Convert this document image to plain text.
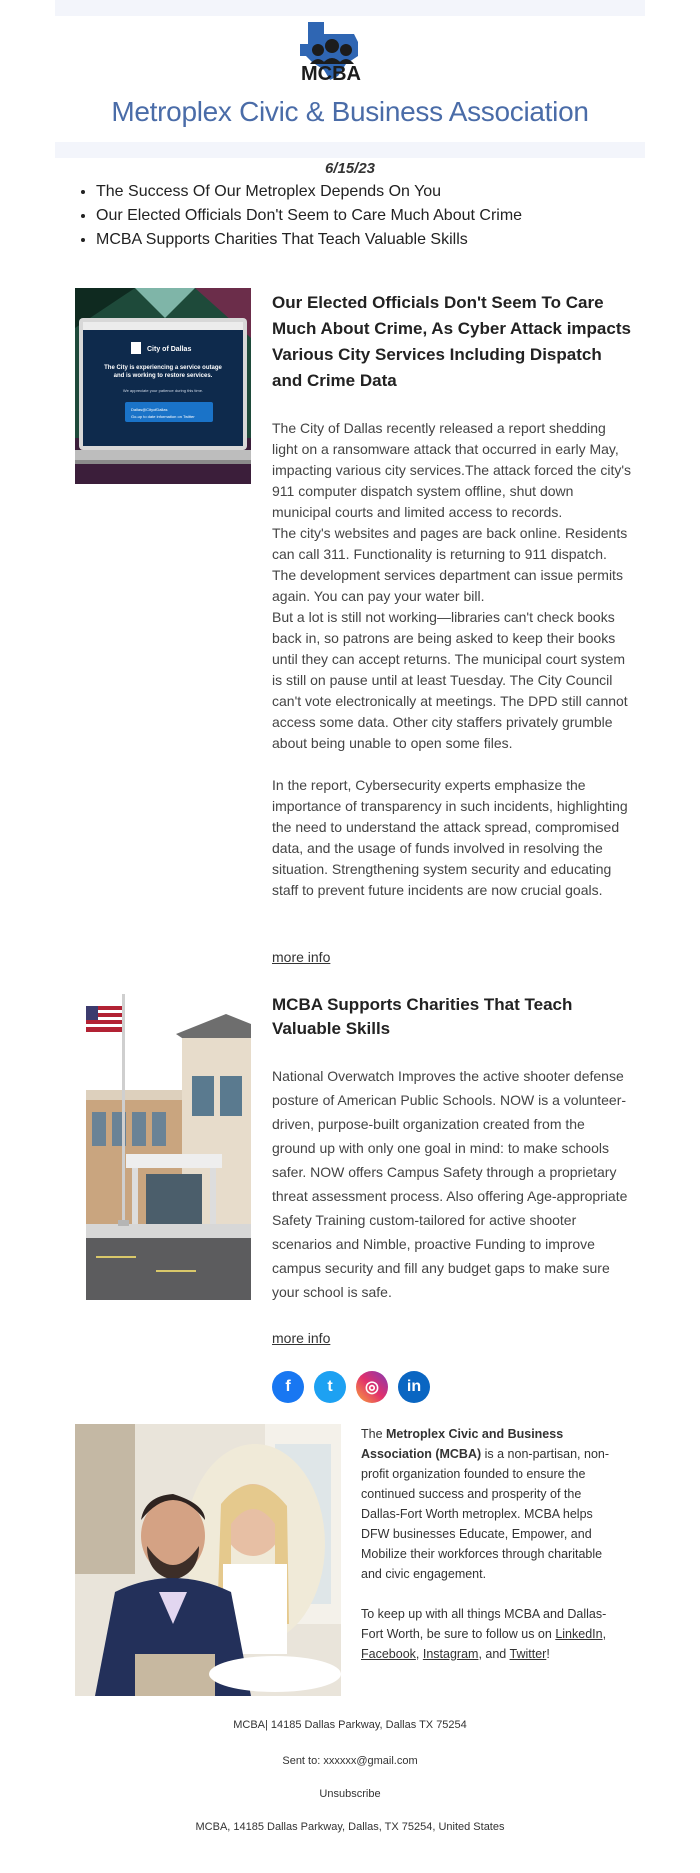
MCBA
Metroplex Civic & Business Association
6/15/23
• The Success Of Our Metroplex Depends On You
• Our Elected Officials Don't Seem to Care Much About Crime
• MCBA Supports Charities That Teach Valuable Skills
City of Dallas
The City is experiencing a service outage and is working to restore services.
We appreciate your patience during this time.
Dallas@CityofDallas
Go-up to date information on Twitter
Our Elected Officials Don't Seem To Care Much About Crime, As Cyber Attack impacts Various City Services Including Dispatch and Crime Data

The City of Dallas recently released a report shedding light on a ransomware attack that occurred in early May, impacting various city services.The attack forced the city's 911 computer dispatch system offline, shut down municipal courts and limited access to records.

The city's websites and pages are back online. Residents can call 311. Functionality is returning to 911 dispatch. The development services department can issue permits again. You can pay your water bill.

But a lot is still not working—libraries can't check books back in, so patrons are being asked to keep their books until they can accept returns. The municipal court system is still on pause until at least Tuesday. The City Council can't vote electronically at meetings. The DPD still cannot access some data. Other city staffers privately grumble about being unable to open some files.

In the report, Cybersecurity experts emphasize the importance of transparency in such incidents, highlighting the need to understand the attack spread, compromised data, and the usage of funds involved in resolving the situation. Strengthening system security and educating staff to prevent future incidents are now crucial goals.

more info
MCBA Supports Charities That Teach Valuable Skills

National Overwatch Improves the active shooter defense posture of American Public Schools. NOW is a volunteer-driven, purpose-built organization created from the ground up with only one goal in mind: to make schools safer. NOW offers Campus Safety through a proprietary threat assessment process. Also offering Age-appropriate Safety Training custom-tailored for active shooter scenarios and Nimble, proactive Funding to improve campus security and fill any budget gaps to make sure your school is safe.

more info
f	t	◎	in

The Metroplex Civic and Business Association (MCBA) is a non-partisan, non-profit organization founded to ensure the continued success and prosperity of the Dallas-Fort Worth metroplex. MCBA helps DFW businesses Educate, Empower, and Mobilize their workforces through charitable and civic engagement.

To keep up with all things MCBA and Dallas-Fort Worth, be sure to follow us on LinkedIn, Facebook, Instagram, and Twitter!

MCBA| 14185 Dallas Parkway, Dallas TX 75254
Sent to: xxxxxx@gmail.com
Unsubscribe
MCBA, 14185 Dallas Parkway, Dallas, TX 75254, United States
